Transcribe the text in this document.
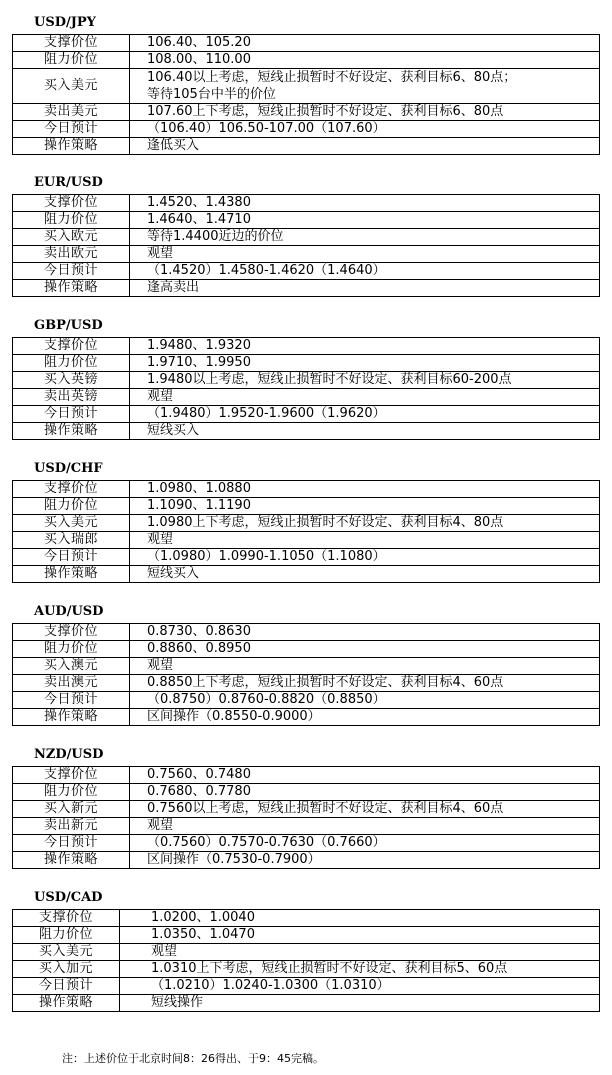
USD/JPY
支撑价位	106.40、105.20
阻力价位	108.00、110.00
买入美元	106.40以上考虑，短线止损暂时不好设定、获利目标6、80点；
等待105台中半的价位

卖出美元	107.60上下考虑，短线止损暂时不好设定、获利目标6、80点
今日预计	（106.40）106.50-107.00（107.60）
操作策略	逢低买入
EUR/USD
支撑价位	1.4520、1.4380
阻力价位	1.4640、1.4710
买入欧元	等待1.4400近边的价位
卖出欧元	观望
今日预计	（1.4520）1.4580-1.4620（1.4640）
操作策略	逢高卖出
GBP/USD
支撑价位	1.9480、1.9320
阻力价位	1.9710、1.9950
买入英镑	1.9480以上考虑，短线止损暂时不好设定、获利目标60-200点
卖出英镑	观望
今日预计	（1.9480）1.9520-1.9600（1.9620）
操作策略	短线买入
USD/CHF
支撑价位	1.0980、1.0880
阻力价位	1.1090、1.1190
买入美元	1.0980上下考虑，短线止损暂时不好设定、获利目标4、80点
买入瑞郎	观望
今日预计	（1.0980）1.0990-1.1050（1.1080）
操作策略	短线买入
AUD/USD
支撑价位	0.8730、0.8630
阻力价位	0.8860、0.8950
买入澳元	观望
卖出澳元	0.8850上下考虑，短线止损暂时不好设定、获利目标4、60点
今日预计	（0.8750）0.8760-0.8820（0.8850）
操作策略	区间操作（0.8550-0.9000）
NZD/USD
支撑价位	0.7560、0.7480
阻力价位	0.7680、0.7780
买入新元	0.7560以上考虑，短线止损暂时不好设定、获利目标4、60点
卖出新元	观望
今日预计	（0.7560）0.7570-0.7630（0.7660）
操作策略	区间操作（0.7530-0.7900）
USD/CAD
支撑价位	1.0200、1.0040
阻力价位	1.0350、1.0470
买入美元	观望
买入加元	1.0310上下考虑，短线止损暂时不好设定、获利目标5、60点
今日预计	（1.0210）1.0240-1.0300（1.0310）
操作策略	短线操作
注：上述价位于北京时间8：26得出、于9：45完稿。
